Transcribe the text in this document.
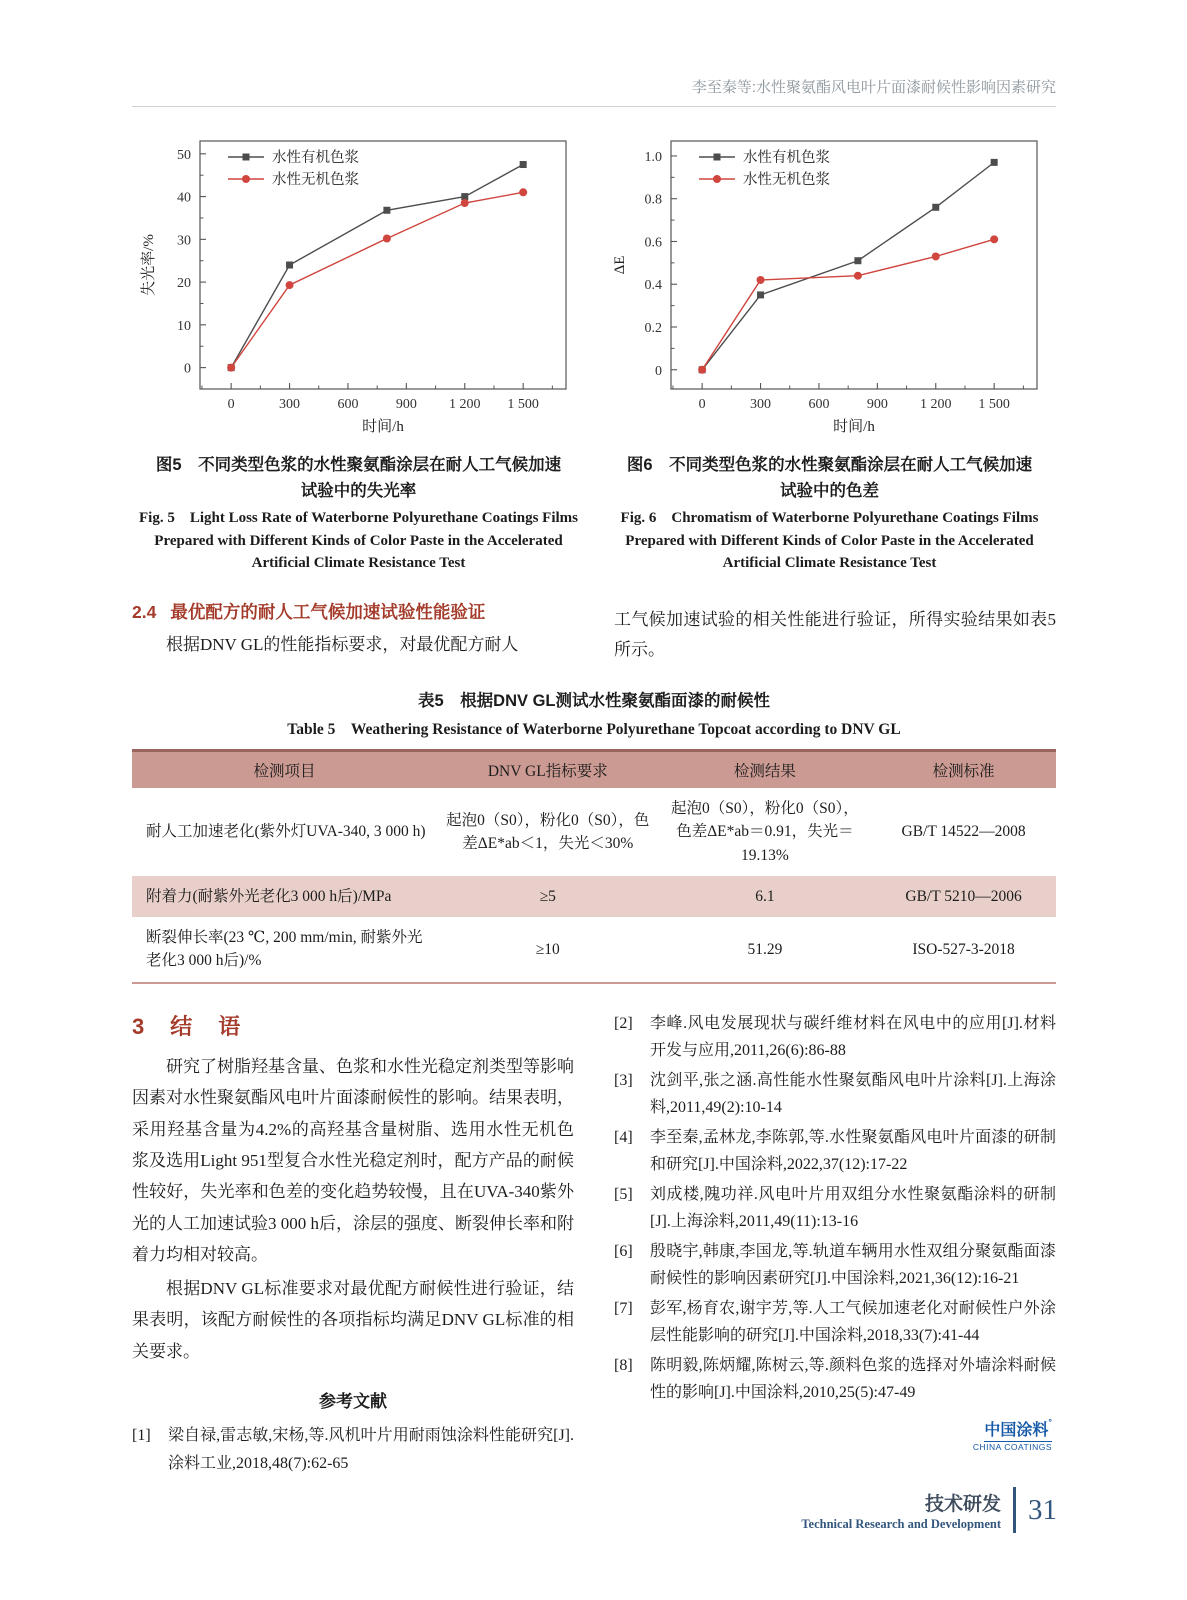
李至秦等:水性聚氨酯风电叶片面漆耐候性影响因素研究
0	300	600	900 1 200 1 500
0
10
20
30
40
50
时间/h
失光率/%
水性有机色浆
水性无机色浆
图5　不同类型色浆的水性聚氨酯涂层在耐人工气候加速
试验中的失光率
Fig. 5　Light Loss Rate of Waterborne Polyurethane Coatings Films Prepared with Different Kinds of Color Paste in the Accelerated Artificial Climate Resistance Test
0	300	600	900 1 200 1 500
0
0.2
0.4
0.6
0.8
1.0
时间/h
ΔE
水性有机色浆
水性无机色浆
图6　不同类型色浆的水性聚氨酯涂层在耐人工气候加速
试验中的色差
Fig. 6　Chromatism of Waterborne Polyurethane Coatings Films Prepared with Different Kinds of Color Paste in the Accelerated Artificial Climate Resistance Test
2.4 最优配方的耐人工气候加速试验性能验证
根据DNV GL的性能指标要求，对最优配方耐人
工气候加速试验的相关性能进行验证，所得实验结果如表5所示。
表5　根据DNV GL测试水性聚氨酯面漆的耐候性
Table 5　Weathering Resistance of Waterborne Polyurethane Topcoat according to DNV GL
检测项目	DNV GL指标要求	检测结果	检测标准
耐人工加速老化(紫外灯UVA-340, 3 000 h)	起泡0（S0），粉化0（S0），色差ΔE*ab＜1，失光＜30%	起泡0（S0），粉化0（S0），色差ΔE*ab＝0.91，失光＝19.13%	GB/T 14522—2008
附着力(耐紫外光老化3 000 h后)/MPa	≥5	6.1	GB/T 5210—2006
断裂伸长率(23 ℃, 200 mm/min, 耐紫外光老化3 000 h后)/%	≥10	51.29	ISO-527-3-2018
3　结　语
研究了树脂羟基含量、色浆和水性光稳定剂类型等影响因素对水性聚氨酯风电叶片面漆耐候性的影响。结果表明，采用羟基含量为4.2%的高羟基含量树脂、选用水性无机色浆及选用Light 951型复合水性光稳定剂时，配方产品的耐候性较好，失光率和色差的变化趋势较慢，且在UVA-340紫外光的人工加速试验3 000 h后，涂层的强度、断裂伸长率和附着力均相对较高。
根据DNV GL标准要求对最优配方耐候性进行验证，结果表明，该配方耐候性的各项指标均满足DNV GL标准的相关要求。
参考文献
[1]	梁自禄,雷志敏,宋杨,等.风机叶片用耐雨蚀涂料性能研究[J].涂料工业,2018,48(7):62-65
[2]	李峰.风电发展现状与碳纤维材料在风电中的应用[J].材料开发与应用,2011,26(6):86-88
[3]	沈剑平,张之涵.高性能水性聚氨酯风电叶片涂料[J].上海涂料,2011,49(2):10-14
[4]	李至秦,孟林龙,李陈郭,等.水性聚氨酯风电叶片面漆的研制和研究[J].中国涂料,2022,37(12):17-22
[5]	刘成楼,隗功祥.风电叶片用双组分水性聚氨酯涂料的研制[J].上海涂料,2011,49(11):13-16
[6]	殷晓宇,韩康,李国龙,等.轨道车辆用水性双组分聚氨酯面漆耐候性的影响因素研究[J].中国涂料,2021,36(12):16-21
[7]	彭军,杨育农,谢宇芳,等.人工气候加速老化对耐候性户外涂层性能影响的研究[J].中国涂料,2018,33(7):41-44
[8]	陈明毅,陈炳耀,陈树云,等.颜料色浆的选择对外墙涂料耐候性的影响[J].中国涂料,2010,25(5):47-49
中国涂料°
CHINA COATINGS
技术研发
Technical Research and Development 31
